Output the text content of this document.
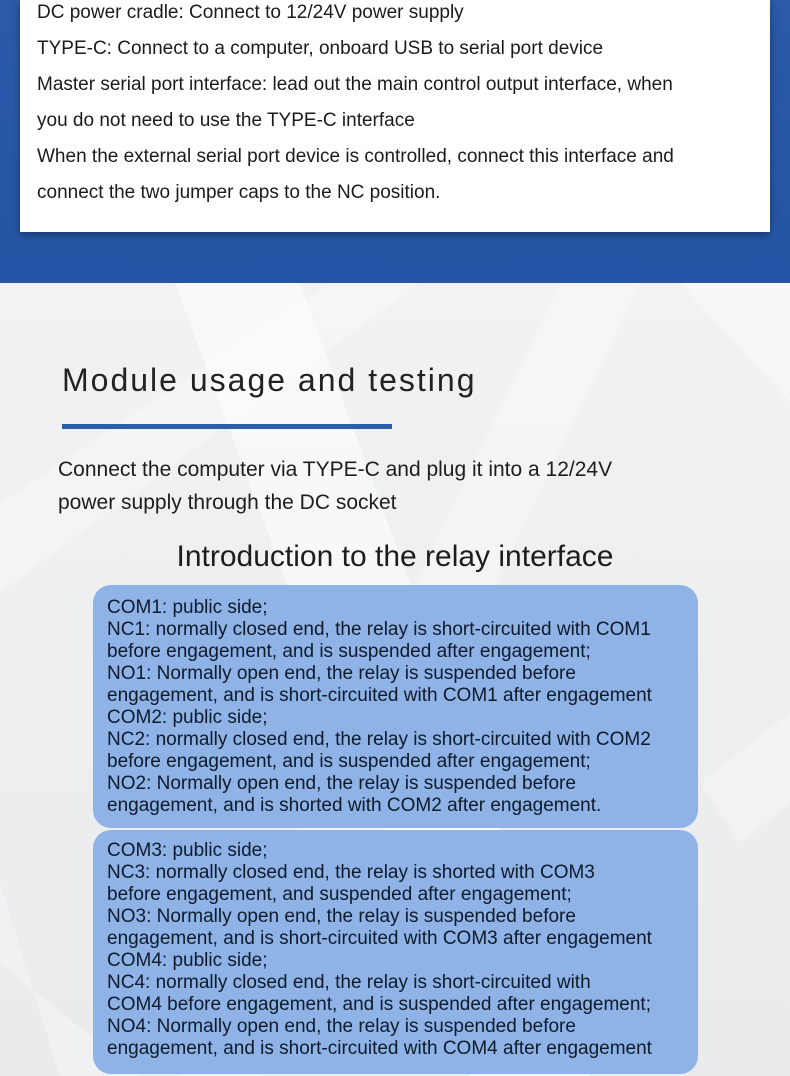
DC power cradle: Connect to 12/24V power supply
TYPE-C: Connect to a computer, onboard USB to serial port device
Master serial port interface: lead out the main control output interface, when
you do not need to use the TYPE-C interface
When the external serial port device is controlled, connect this interface and
connect the two jumper caps to the NC position.
Module usage and testing
Connect the computer via TYPE-C and plug it into a 12/24V
power supply through the DC socket
Introduction to the relay interface
COM1: public side;
NC1: normally closed end, the relay is short-circuited with COM1
before engagement, and is suspended after engagement;
NO1: Normally open end, the relay is suspended before
engagement, and is short-circuited with COM1 after engagement
COM2: public side;
NC2: normally closed end, the relay is short-circuited with COM2
before engagement, and is suspended after engagement;
NO2: Normally open end, the relay is suspended before
engagement, and is shorted with COM2 after engagement.
COM3: public side;
NC3: normally closed end, the relay is shorted with COM3
before engagement, and suspended after engagement;
NO3: Normally open end, the relay is suspended before
engagement, and is short-circuited with COM3 after engagement
COM4: public side;
NC4: normally closed end, the relay is short-circuited with
COM4 before engagement, and is suspended after engagement;
NO4: Normally open end, the relay is suspended before
engagement, and is short-circuited with COM4 after engagement
